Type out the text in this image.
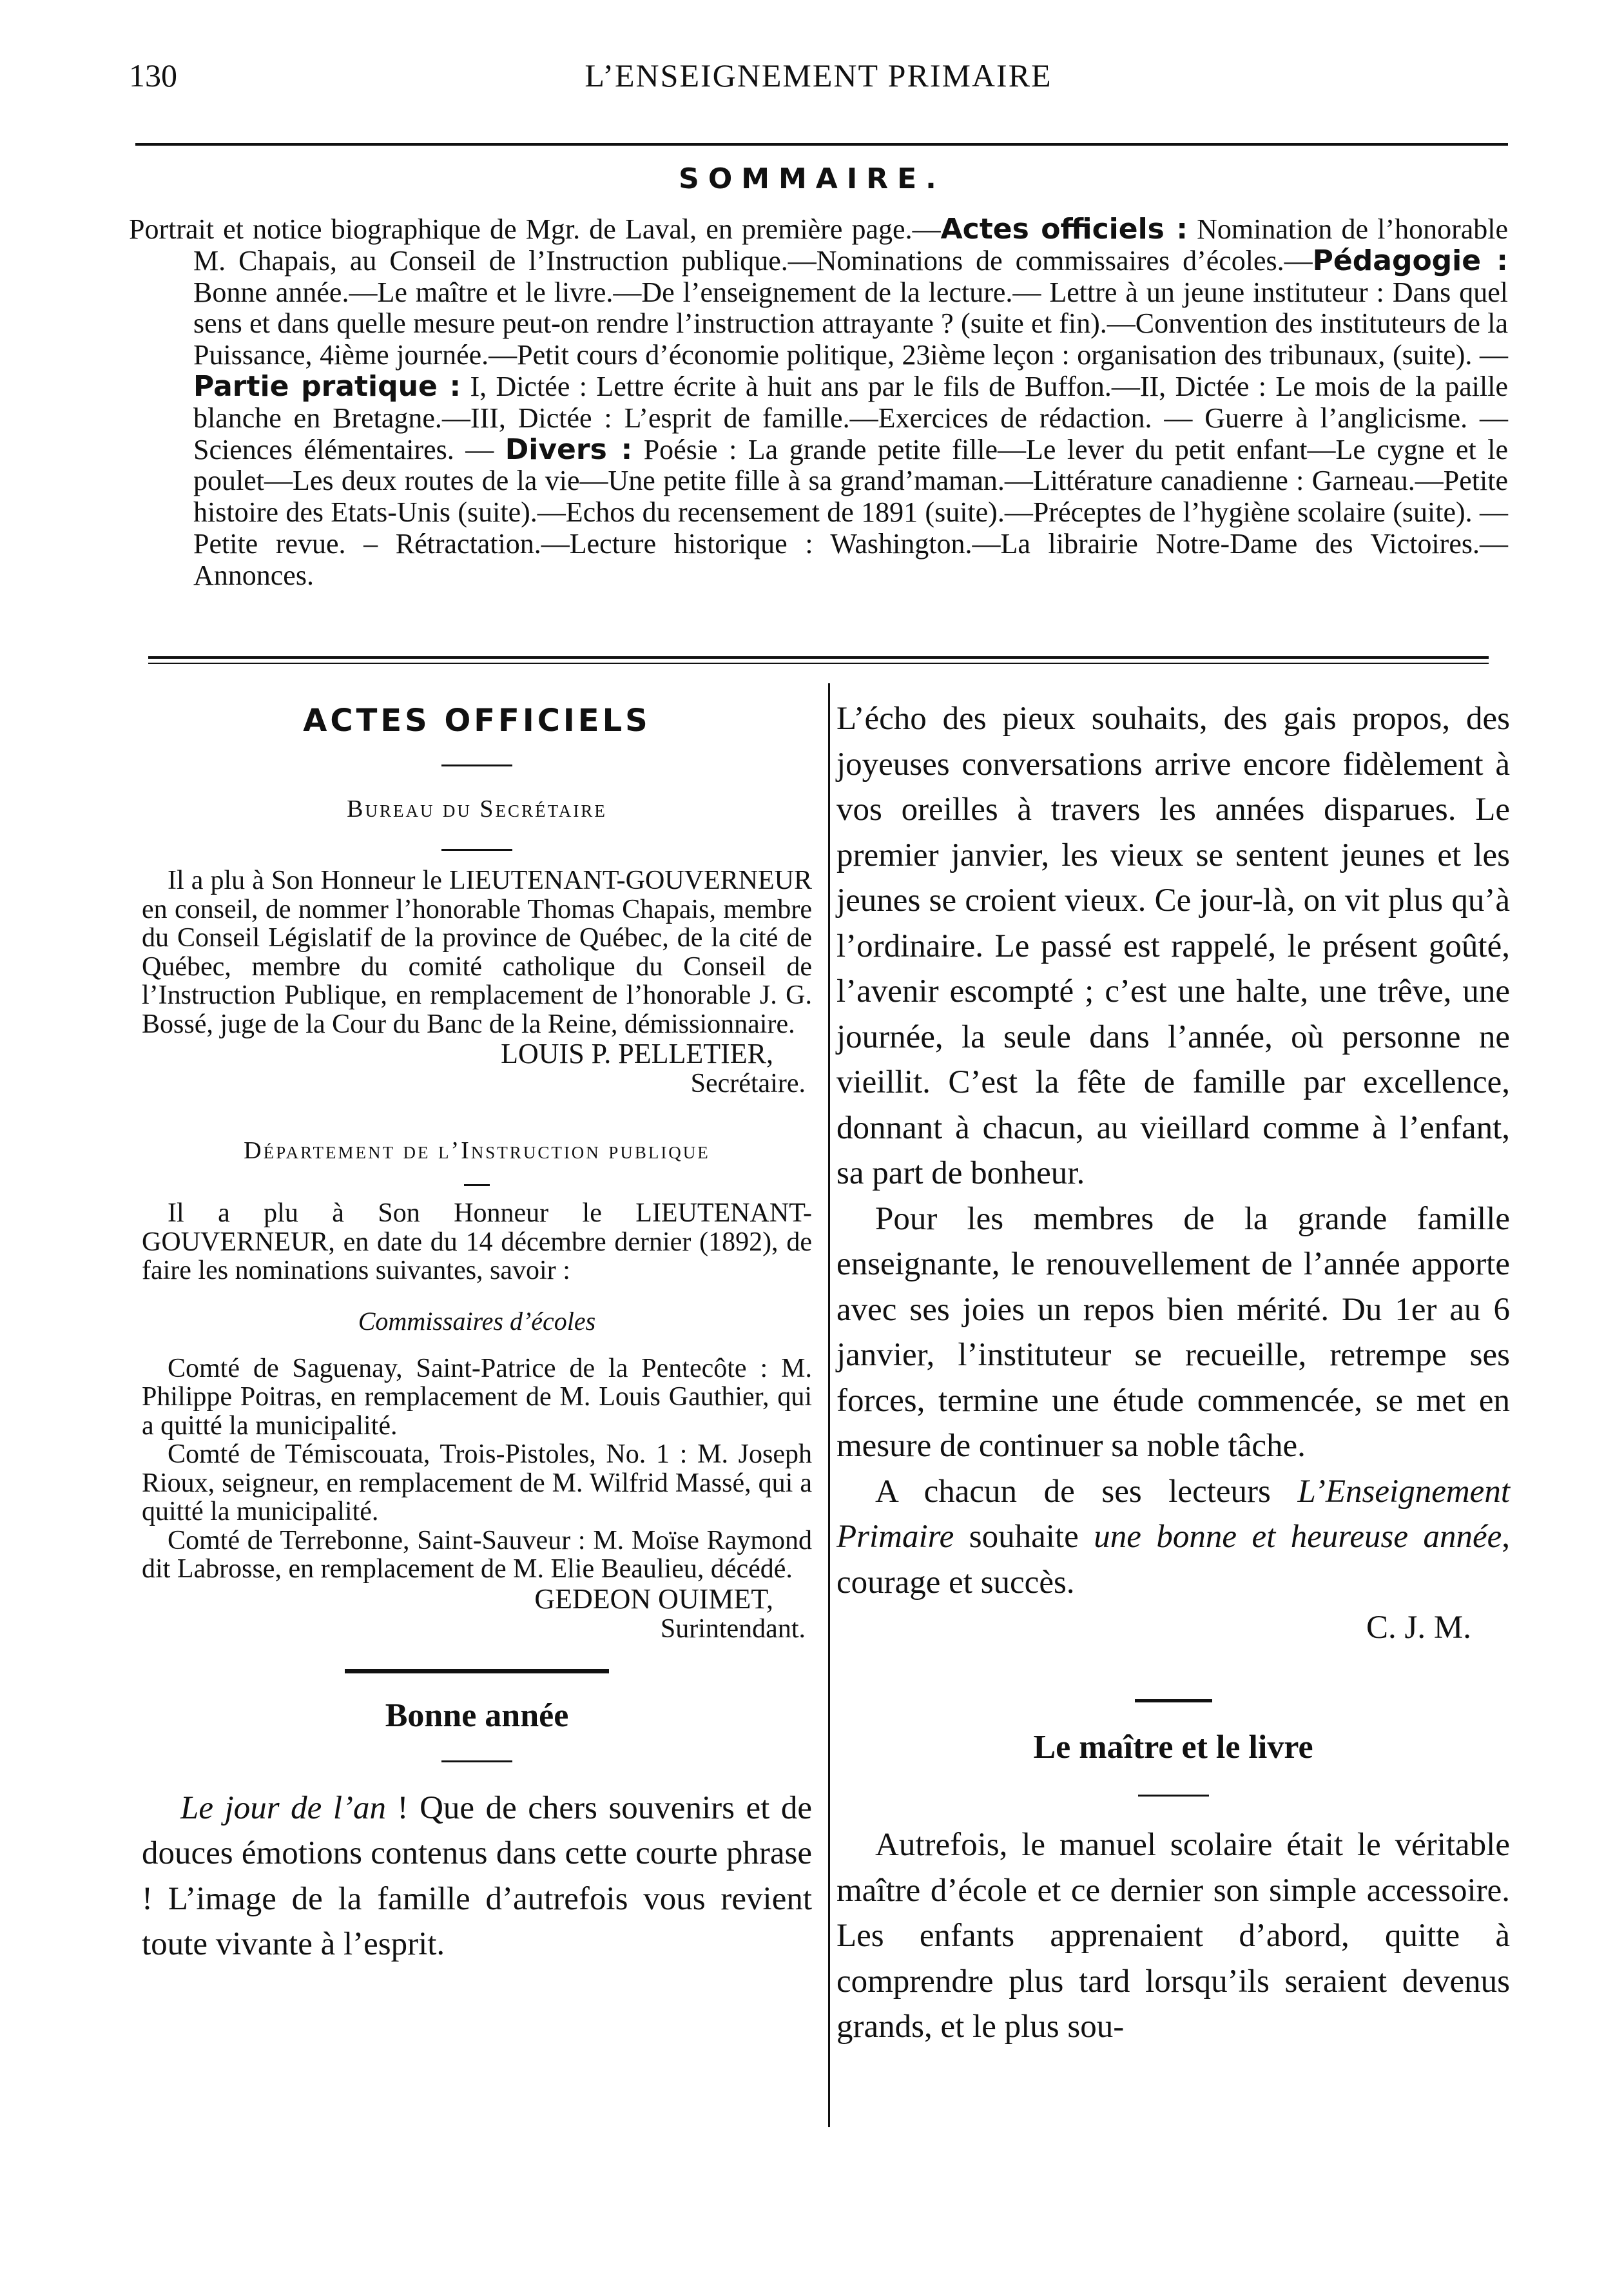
130	L’ENSEIGNEMENT PRIMAIRE
SOMMAIRE.

Portrait et notice biographique de Mgr. de Laval, en première page.—Actes officiels : Nomination de l’honorable M. Chapais, au Conseil de l’Instruction publique.—Nominations de commissaires d’écoles.—Pédagogie : Bonne année.—Le maître et le livre.—De l’enseignement de la lecture.— Lettre à un jeune instituteur : Dans quel sens et dans quelle mesure peut-on rendre l’instruction attrayante ? (suite et fin).—Convention des instituteurs de la Puissance, 4ième journée.—Petit cours d’économie politique, 23ième leçon : organisation des tribunaux, (suite). —Partie pratique : I, Dictée : Lettre écrite à huit ans par le fils de Buffon.—II, Dictée : Le mois de la paille blanche en Bretagne.—III, Dictée : L’esprit de famille.—Exercices de rédaction. — Guerre à l’anglicisme. — Sciences élémentaires. — Divers : Poésie : La grande petite fille—Le lever du petit enfant—Le cygne et le poulet—Les deux routes de la vie—Une petite fille à sa grand’maman.—Littérature canadienne : Garneau.—Petite histoire des Etats-Unis (suite).—Echos du recensement de 1891 (suite).—Préceptes de l’hygiène scolaire (suite). — Petite revue. – Rétractation.—Lecture historique : Washington.—La librairie Notre-Dame des Victoires.—Annonces.

ACTES OFFICIELS
Bureau du Secrétaire

Il a plu à Son Honneur le LIEUTENANT-GOUVERNEUR en conseil, de nommer l’honorable Thomas Chapais, membre du Conseil Législatif de la province de Québec, de la cité de Québec, membre du comité catholique du Conseil de l’Instruction Publique, en remplacement de l’honorable J. G. Bossé, juge de la Cour du Banc de la Reine, démissionnaire.

LOUIS P. PELLETIER,

Secrétaire.

Département de l’Instruction publique

Il a plu à Son Honneur le LIEUTENANT-GOUVERNEUR, en date du 14 décembre dernier (1892), de faire les nominations suivantes, savoir :

Commissaires d’écoles

Comté de Saguenay, Saint-Patrice de la Pentecôte : M. Philippe Poitras, en remplacement de M. Louis Gauthier, qui a quitté la municipalité.

Comté de Témiscouata, Trois-Pistoles, No. 1 : M. Joseph Rioux, seigneur, en remplacement de M. Wilfrid Massé, qui a quitté la municipalité.

Comté de Terrebonne, Saint-Sauveur : M. Moïse Raymond dit Labrosse, en remplacement de M. Elie Beaulieu, décédé.

GEDEON OUIMET,

Surintendant.

Bonne année

Le jour de l’an ! Que de chers souvenirs et de douces émotions contenus dans cette courte phrase ! L’image de la famille d’autrefois vous revient toute vivante à l’esprit.

L’écho des pieux souhaits, des gais propos, des joyeuses conversations arrive encore fidèlement à vos oreilles à travers les années disparues. Le premier janvier, les vieux se sentent jeunes et les jeunes se croient vieux. Ce jour-là, on vit plus qu’à l’ordinaire. Le passé est rappelé, le présent goûté, l’avenir escompté ; c’est une halte, une trêve, une journée, la seule dans l’année, où personne ne vieillit. C’est la fête de famille par excellence, donnant à chacun, au vieillard comme à l’enfant, sa part de bonheur.

Pour les membres de la grande famille enseignante, le renouvellement de l’année apporte avec ses joies un repos bien mérité. Du 1er au 6 janvier, l’instituteur se recueille, retrempe ses forces, termine une étude commencée, se met en mesure de continuer sa noble tâche.

A chacun de ses lecteurs L’Enseignement Primaire souhaite une bonne et heureuse année, courage et succès.

C. J. M.

Le maître et le livre

Autrefois, le manuel scolaire était le véritable maître d’école et ce dernier son simple accessoire. Les enfants apprenaient d’abord, quitte à comprendre plus tard lorsqu’ils seraient devenus grands, et le plus sou-
